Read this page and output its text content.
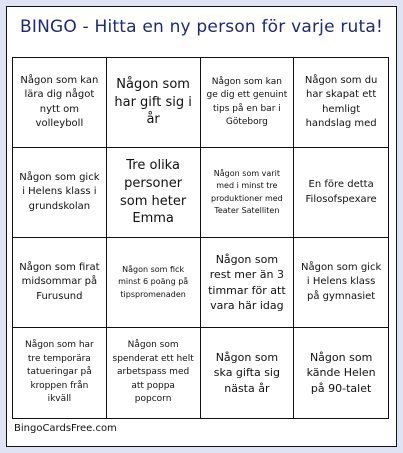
BINGO - Hitta en ny person för varje ruta!
Någon som kan lära dig något nytt om volleyboll
Någon som har gift sig i år
Någon som kan ge dig ett genuint tips på en bar i Göteborg
Någon som du har skapat ett hemligt handslag med
Någon som gick i Helens klass i grundskolan
Tre olika personer som heter Emma
Någon som varit med i minst tre produktioner med Teater Satelliten
En före detta Filosofspexare
Någon som firat midsommar på Furusund
Någon som fick minst 6 poäng på tipspromenaden
Någon som rest mer än 3 timmar för att vara här idag
Någon som gick i Helens klass på gymnasiet
Någon som har tre temporära tatueringar på kroppen från ikväll
Någon som spenderat ett helt arbetspass med att poppa popcorn
Någon som ska gifta sig nästa år
Någon som kände Helen på 90-talet
BingoCardsFree.com
